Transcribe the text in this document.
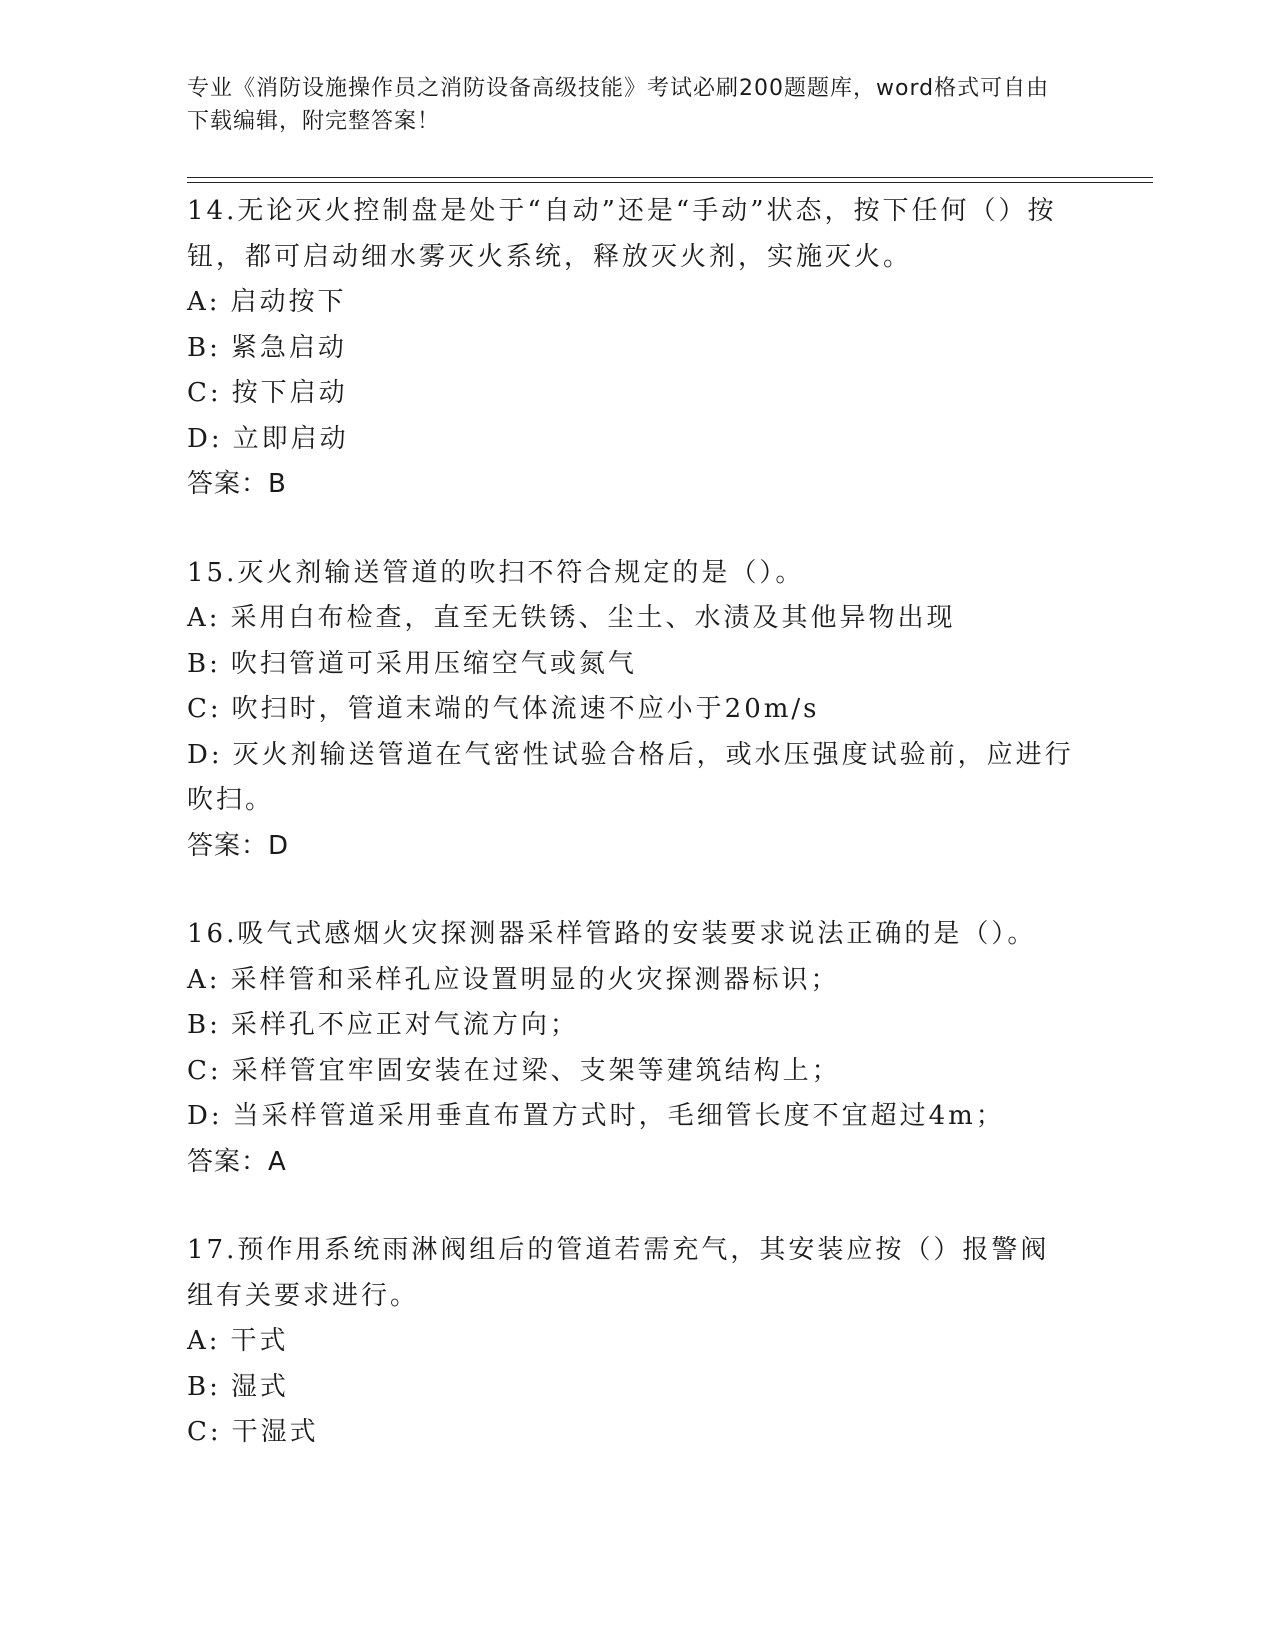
专业《消防设施操作员之消防设备高级技能》考试必刷200题题库，word格式可自由下载编辑，附完整答案！

14.无论灭火控制盘是处于“自动”还是“手动”状态，按下任何（）按钮，都可启动细水雾灭火系统，释放灭火剂，实施灭火。

A: 启动按下

B: 紧急启动

C: 按下启动

D: 立即启动

答案：B

15.灭火剂输送管道的吹扫不符合规定的是（）。

A: 采用白布检查，直至无铁锈、尘土、水渍及其他异物出现

B: 吹扫管道可采用压缩空气或氮气

C: 吹扫时，管道末端的气体流速不应小于20m/s

D: 灭火剂输送管道在气密性试验合格后，或水压强度试验前，应进行吹扫。

答案：D

16.吸气式感烟火灾探测器采样管路的安装要求说法正确的是（）。

A: 采样管和采样孔应设置明显的火灾探测器标识；

B: 采样孔不应正对气流方向；

C: 采样管宜牢固安装在过梁、支架等建筑结构上；

D: 当采样管道采用垂直布置方式时，毛细管长度不宜超过4m；

答案：A

17.预作用系统雨淋阀组后的管道若需充气，其安装应按（）报警阀组有关要求进行。

A: 干式

B: 湿式

C: 干湿式
